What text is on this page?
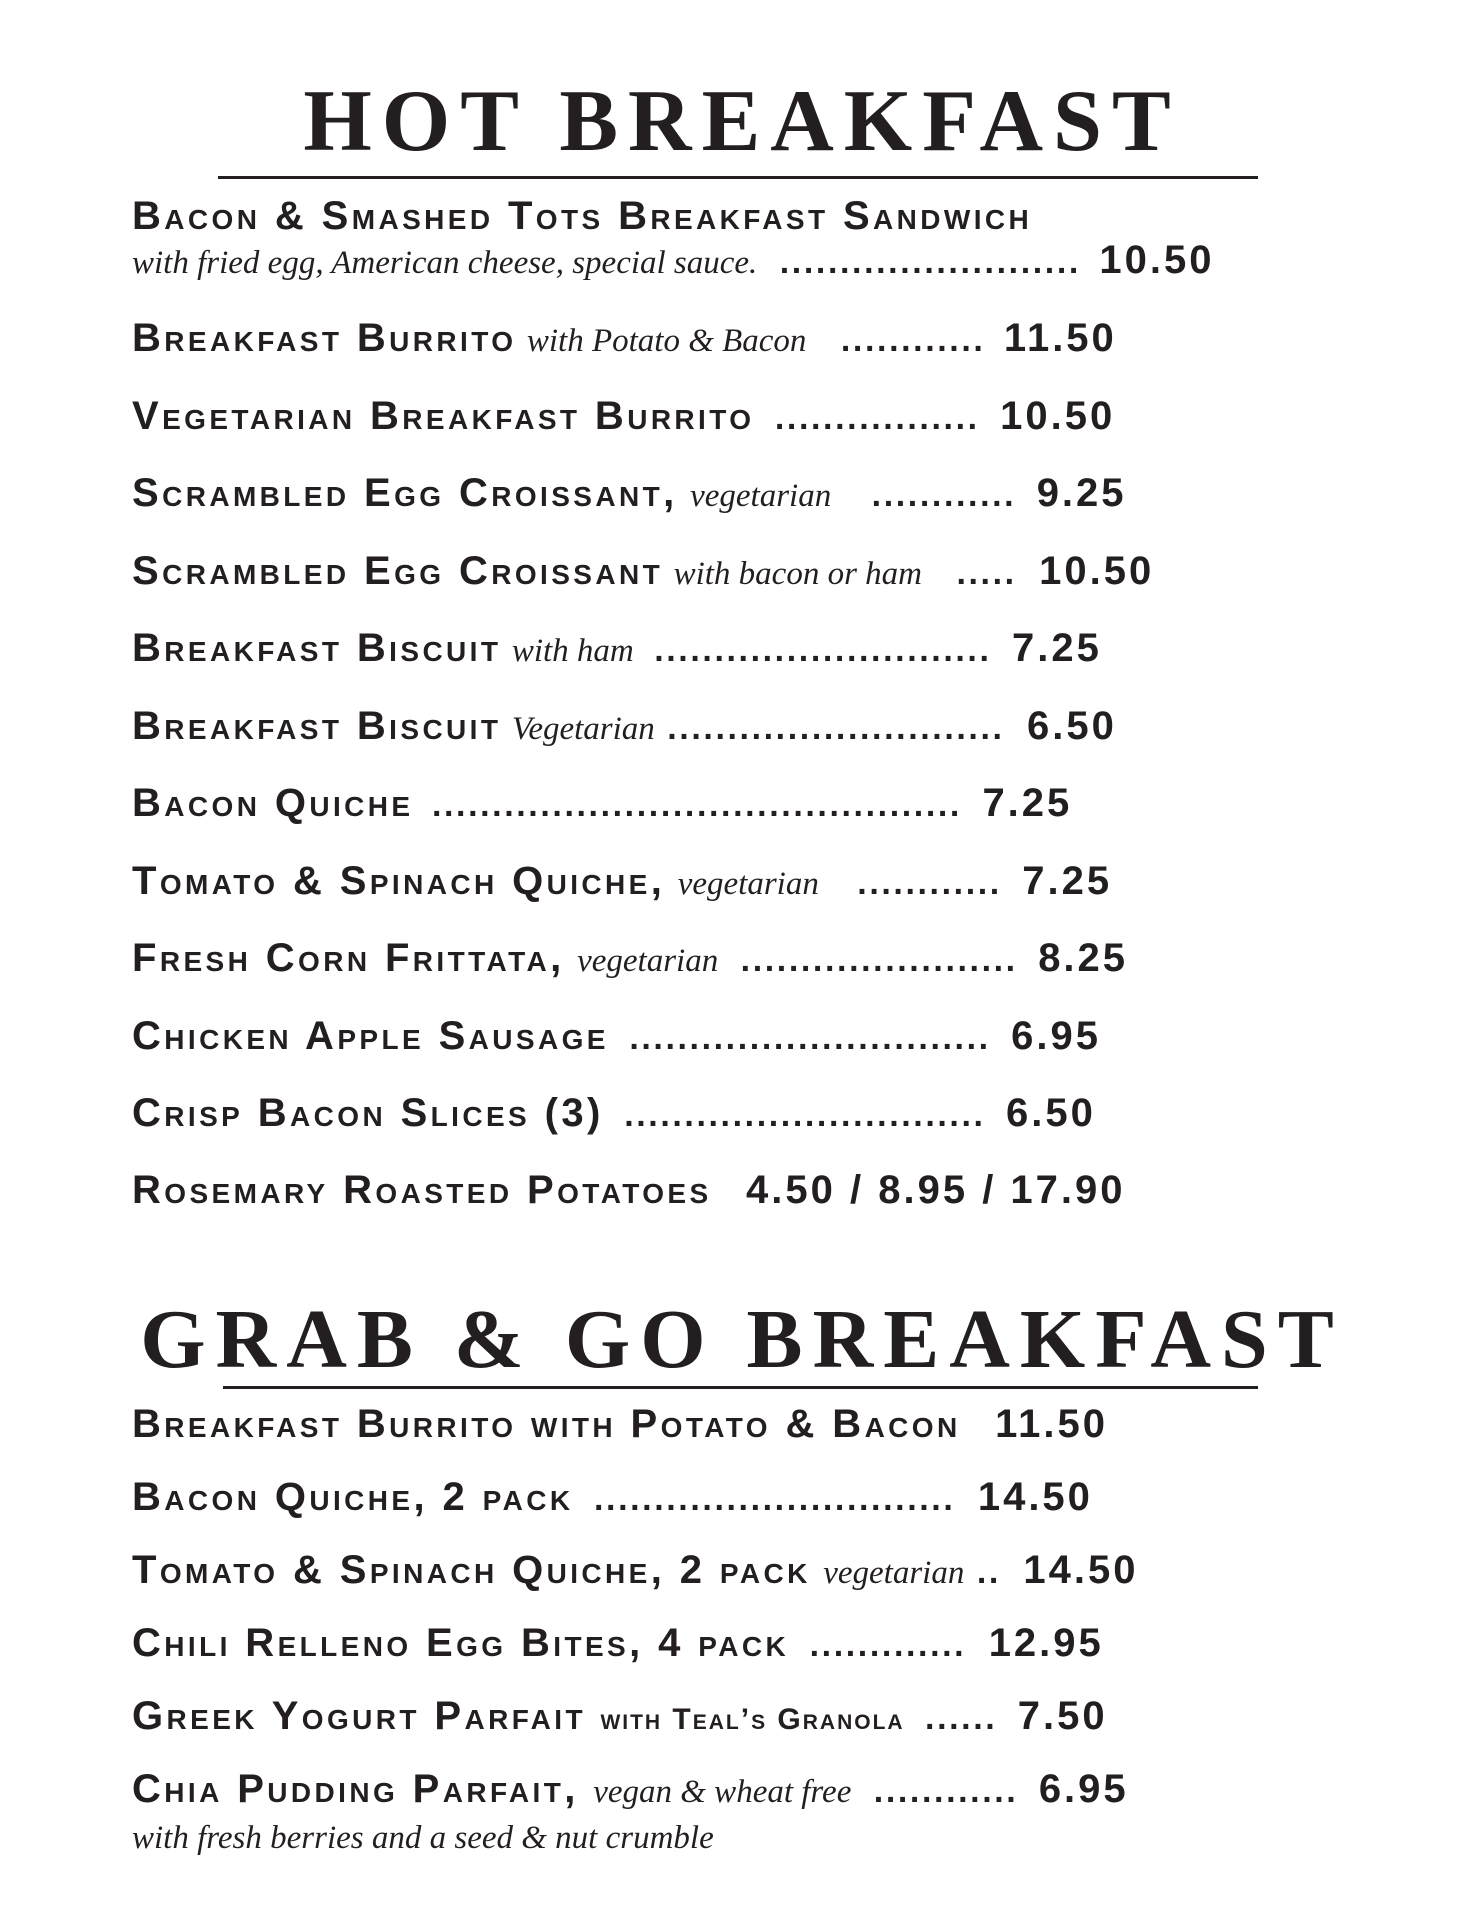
HOT BREAKFAST
Bacon & Smashed Tots Breakfast Sandwich
with fried egg, American cheese, special sauce. ......................... 10.50
Breakfast Burrito with Potato & Bacon ............ 11.50
Vegetarian Breakfast Burrito ................. 10.50
Scrambled Egg Croissant, vegetarian ............ 9.25
Scrambled Egg Croissant with bacon or ham ..... 10.50
Breakfast Biscuit with ham ............................ 7.25
Breakfast Biscuit Vegetarian ............................ 6.50
Bacon Quiche ............................................ 7.25
Tomato & Spinach Quiche, vegetarian ............ 7.25
Fresh Corn Frittata, vegetarian ....................... 8.25
Chicken Apple Sausage .............................. 6.95
Crisp Bacon Slices (3) .............................. 6.50
Rosemary Roasted Potatoes 4.50 / 8.95 / 17.90
GRAB & GO BREAKFAST
Breakfast Burrito with Potato & Bacon 11.50
Bacon Quiche, 2 pack .............................. 14.50
Tomato & Spinach Quiche, 2 pack vegetarian .. 14.50
Chili Relleno Egg Bites, 4 pack ............. 12.95
Greek Yogurt Parfait with Teal’s Granola ...... 7.50
Chia Pudding Parfait, vegan & wheat free ............ 6.95
with fresh berries and a seed & nut crumble
